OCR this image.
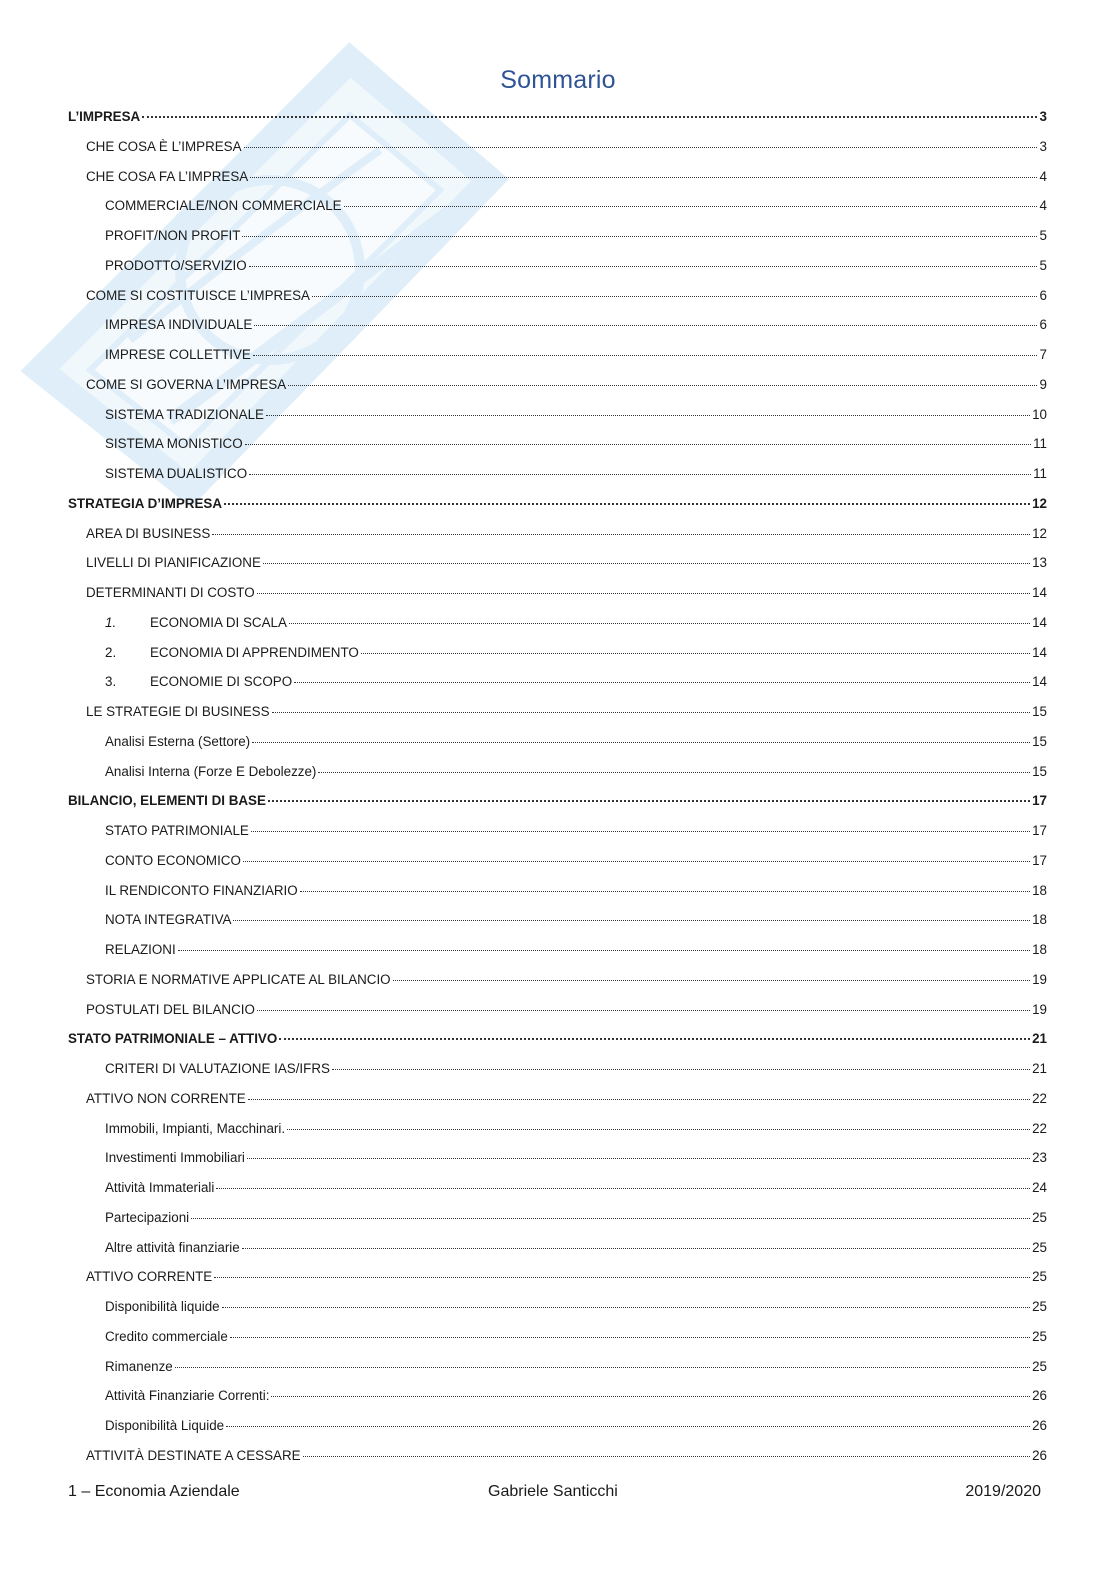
Sommario
L’IMPRESA	3
CHE COSA È L’IMPRESA	3
CHE COSA FA L’IMPRESA	4
COMMERCIALE/NON COMMERCIALE	4
PROFIT/NON PROFIT	5
PRODOTTO/SERVIZIO	5
COME SI COSTITUISCE L’IMPRESA	6
IMPRESA INDIVIDUALE	6
IMPRESE COLLETTIVE	7
COME SI GOVERNA L’IMPRESA	9
SISTEMA TRADIZIONALE	10
SISTEMA MONISTICO	11
SISTEMA DUALISTICO	11
STRATEGIA D’IMPRESA	12
AREA DI BUSINESS	12
LIVELLI DI PIANIFICAZIONE	13
DETERMINANTI DI COSTO	14
1.	ECONOMIA DI SCALA	14
2.	ECONOMIA DI APPRENDIMENTO	14
3.	ECONOMIE DI SCOPO	14
LE STRATEGIE DI BUSINESS	15
Analisi Esterna (Settore)	15
Analisi Interna (Forze E Debolezze)	15
BILANCIO, ELEMENTI DI BASE	17
STATO PATRIMONIALE	17
CONTO ECONOMICO	17
IL RENDICONTO FINANZIARIO	18
NOTA INTEGRATIVA	18
RELAZIONI	18
STORIA E NORMATIVE APPLICATE AL BILANCIO	19
POSTULATI DEL BILANCIO	19
STATO PATRIMONIALE – ATTIVO	21
CRITERI DI VALUTAZIONE IAS/IFRS	21
ATTIVO NON CORRENTE	22
Immobili, Impianti, Macchinari.	22
Investimenti Immobiliari	23
Attività Immateriali	24
Partecipazioni	25
Altre attività finanziarie	25
ATTIVO CORRENTE	25
Disponibilità liquide	25
Credito commerciale	25
Rimanenze	25
Attività Finanziarie Correnti:	26
Disponibilità Liquide	26
ATTIVITÀ DESTINATE A CESSARE	26
1 – Economia Aziendale	Gabriele Santicchi	2019/2020
